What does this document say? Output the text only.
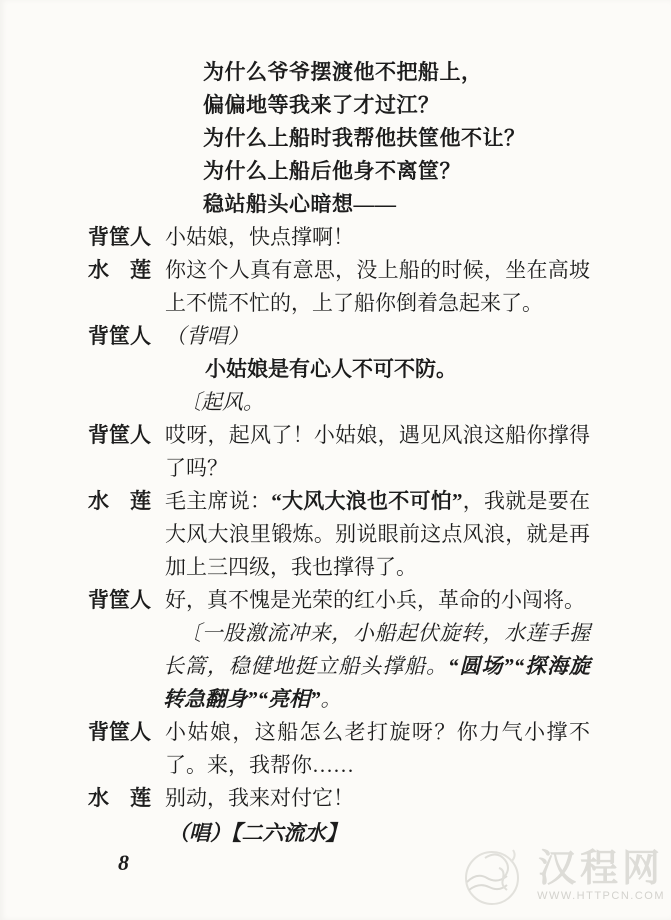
为什么爷爷摆渡他不把船上，
偏偏地等我来了才过江？
为什么上船时我帮他扶筐他不让？
为什么上船后他身不离筐？
稳站船头心暗想——
背筐人 小姑娘，快点撑啊！
水　莲 你这个人真有意思，没上船的时候，坐在高坡上不慌不忙的，上了船你倒着急起来了。
背筐人 （背唱）
小姑娘是有心人不可不防。
〔起风。
背筐人 哎呀，起风了！小姑娘，遇见风浪这船你撑得了吗？
水　莲 毛主席说：“大风大浪也不可怕”，我就是要在大风大浪里锻炼。别说眼前这点风浪，就是再加上三四级，我也撑得了。
背筐人 好，真不愧是光荣的红小兵，革命的小闯将。
〔一股激流冲来，小船起伏旋转，水莲手握长篙，稳健地挺立船头撑船。“圆场”“探海旋转急翻身”“亮相”。
背筐人 小姑娘，这船怎么老打旋呀？你力气小撑不了。来，我帮你……
水　莲 别动，我来对付它！
（唱）【二六流水】
8	汉程网
WWW.HTTPCN.COM
